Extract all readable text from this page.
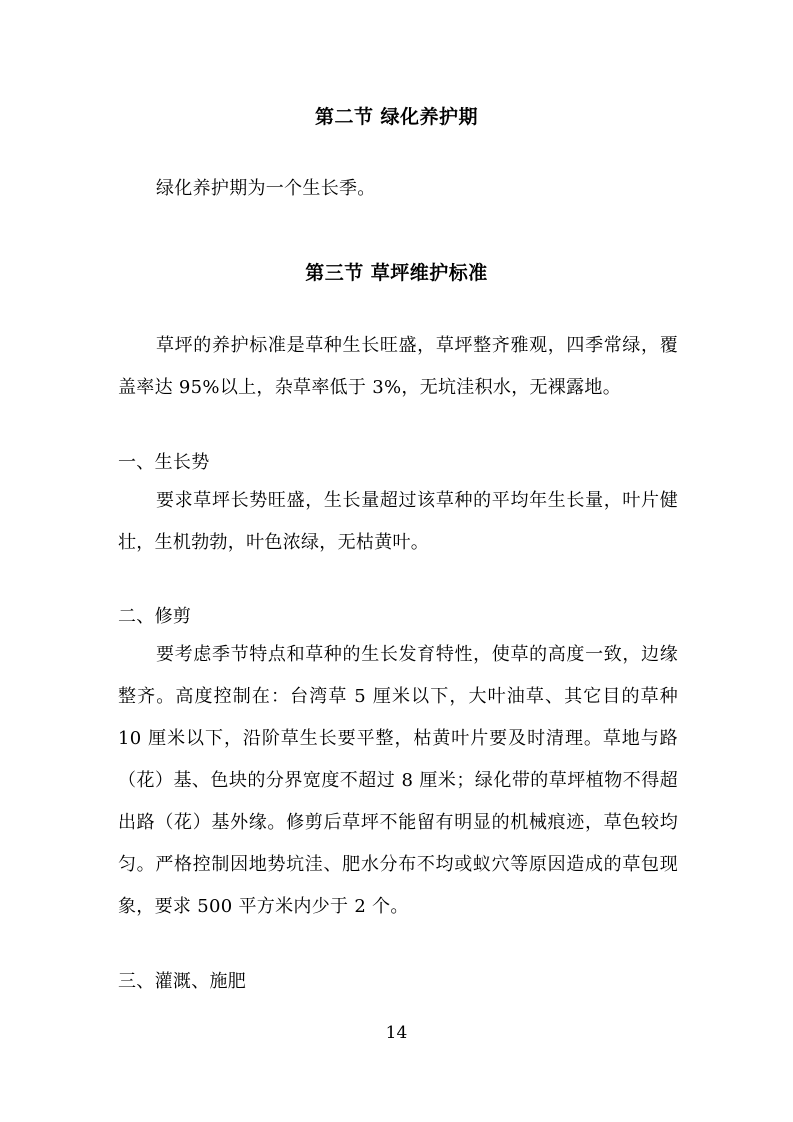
第二节 绿化养护期
绿化养护期为一个生长季。
第三节 草坪维护标准
草坪的养护标准是草种生长旺盛，草坪整齐雅观，四季常绿，覆盖率达 95%以上，杂草率低于 3%，无坑洼积水，无裸露地。
一、生长势
要求草坪长势旺盛，生长量超过该草种的平均年生长量，叶片健壮，生机勃勃，叶色浓绿，无枯黄叶。
二、修剪
要考虑季节特点和草种的生长发育特性，使草的高度一致，边缘整齐。高度控制在：台湾草 5 厘米以下，大叶油草、其它目的草种 10 厘米以下，沿阶草生长要平整，枯黄叶片要及时清理。草地与路（花）基、色块的分界宽度不超过 8 厘米；绿化带的草坪植物不得超出路（花）基外缘。修剪后草坪不能留有明显的机械痕迹，草色较均匀。严格控制因地势坑洼、肥水分布不均或蚁穴等原因造成的草包现象，要求 500 平方米内少于 2 个。
三、灌溉、施肥
14
